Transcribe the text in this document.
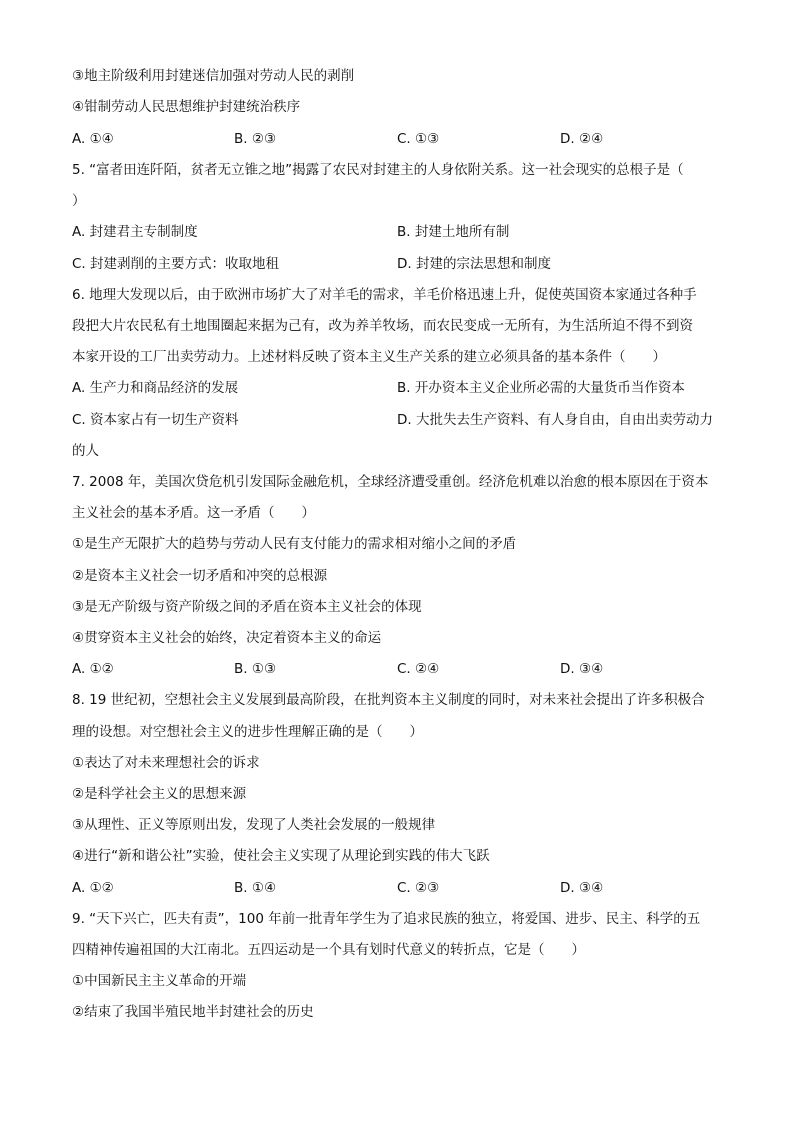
③地主阶级利用封建迷信加强对劳动人民的剥削
④钳制劳动人民思想维护封建统治秩序
A. ①④	B. ②③	C. ①③	D. ②④
5. “富者田连阡陌，贫者无立锥之地”揭露了农民对封建主的人身依附关系。这一社会现实的总根子是（
）
A. 封建君主专制制度	B. 封建土地所有制
C. 封建剥削的主要方式：收取地租	D. 封建的宗法思想和制度
6. 地理大发现以后，由于欧洲市场扩大了对羊毛的需求，羊毛价格迅速上升，促使英国资本家通过各种手
段把大片农民私有土地围圈起来据为己有，改为养羊牧场，而农民变成一无所有，为生活所迫不得不到资
本家开设的工厂出卖劳动力。上述材料反映了资本主义生产关系的建立必须具备的基本条件（　　）
A. 生产力和商品经济的发展	B. 开办资本主义企业所必需的大量货币当作资本
C. 资本家占有一切生产资料	D. 大批失去生产资料、有人身自由，自由出卖劳动力
的人
7. 2008 年，美国次贷危机引发国际金融危机，全球经济遭受重创。经济危机难以治愈的根本原因在于资本
主义社会的基本矛盾。这一矛盾（　　）
①是生产无限扩大的趋势与劳动人民有支付能力的需求相对缩小之间的矛盾
②是资本主义社会一切矛盾和冲突的总根源
③是无产阶级与资产阶级之间的矛盾在资本主义社会的体现
④贯穿资本主义社会的始终，决定着资本主义的命运
A. ①②	B. ①③	C. ②④	D. ③④
8. 19 世纪初，空想社会主义发展到最高阶段，在批判资本主义制度的同时，对未来社会提出了许多积极合
理的设想。对空想社会主义的进步性理解正确的是（　　）
①表达了对未来理想社会的诉求
②是科学社会主义的思想来源
③从理性、正义等原则出发，发现了人类社会发展的一般规律
④进行“新和谐公社”实验，使社会主义实现了从理论到实践的伟大飞跃
A. ①②	B. ①④	C. ②③	D. ③④
9. “天下兴亡，匹夫有责”，100 年前一批青年学生为了追求民族的独立，将爱国、进步、民主、科学的五
四精神传遍祖国的大江南北。五四运动是一个具有划时代意义的转折点，它是（　　）
①中国新民主主义革命的开端
②结束了我国半殖民地半封建社会的历史
